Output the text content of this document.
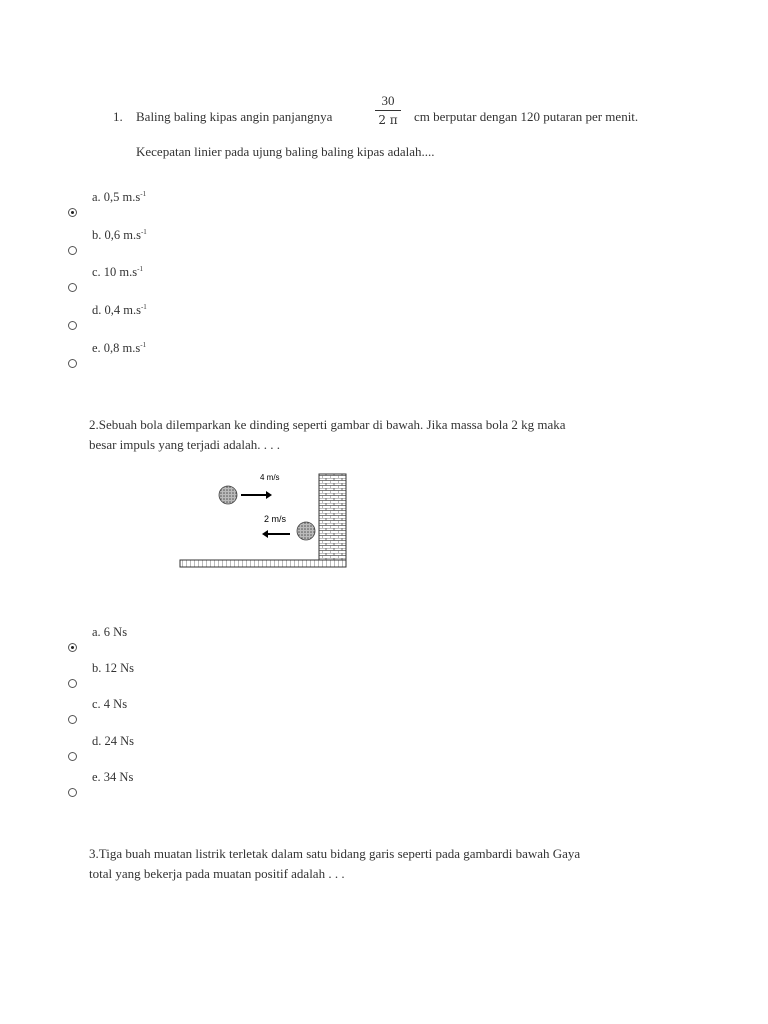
1. Baling baling kipas angin panjangnya
30
2 π cm berputar dengan 120 putaran per menit.
Kecepatan linier pada ujung baling baling kipas adalah....
a. 0,5 $m.s^{-1}$
b. 0,6 $m.s^{-1}$
c. 10 $m.s^{-1}$
d. 0,4 $m.s^{-1}$
e. 0,8 $m.s^{-1}$
2.Sebuah bola dilemparkan ke dinding seperti gambar di bawah. Jika massa bola 2 kg maka
besar impuls yang terjadi adalah. . . .
4 m/s
2 m/s
a. 6 Ns
b. 12 Ns
c. 4 Ns
d. 24 Ns
e. 34 Ns
3.Tiga buah muatan listrik terletak dalam satu bidang garis seperti pada gambardi bawah Gaya
total yang bekerja pada muatan positif adalah . . .
